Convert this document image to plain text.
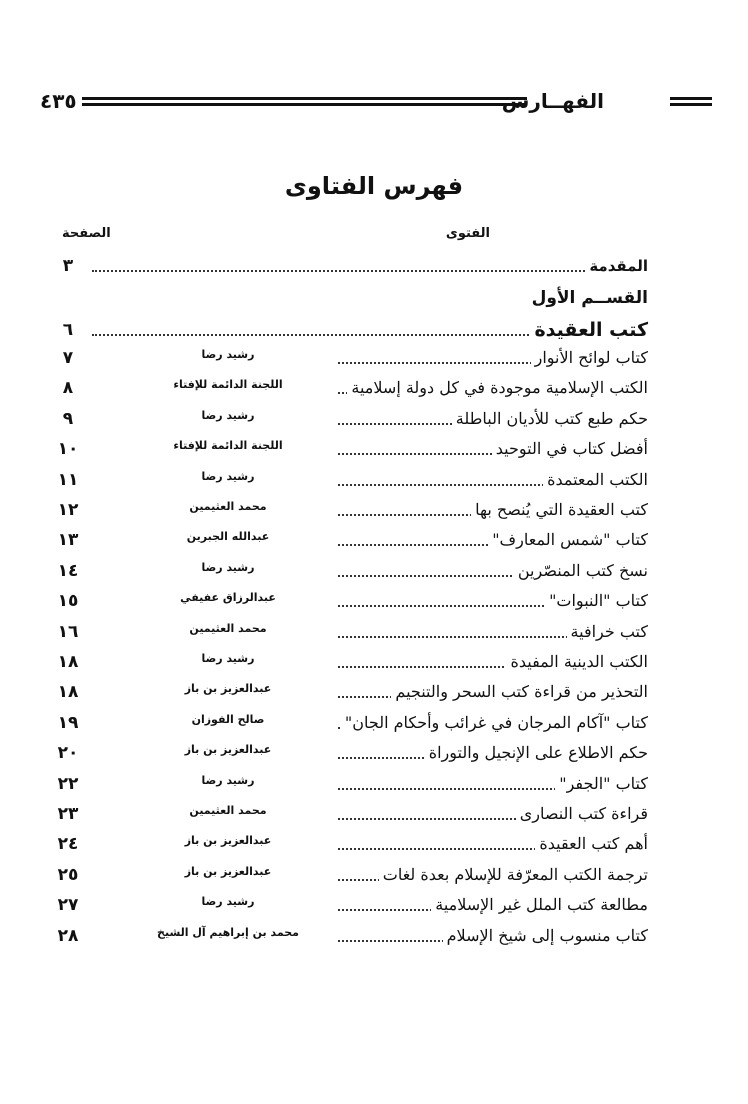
الفهــارس
٤٣٥
فهرس الفتاوى
الفتوى
الصفحة
المقدمة
٣
القســم الأول
كتب العقيدة
٦
كتاب لوائح الأنوار
رشيد رضا
٧
الكتب الإسلامية موجودة في كل دولة إسلامية
اللجنة الدائمة للإفتاء
٨
حكم طبع كتب للأديان الباطلة
رشيد رضا
٩
أفضل كتاب في التوحيد
اللجنة الدائمة للإفتاء
١٠
الكتب المعتمدة
رشيد رضا
١١
كتب العقيدة التي يُنصح بها
محمد العثيمين
١٢
كتاب "شمس المعارف"
عبدالله الجبرين
١٣
نسخ كتب المنصّرين
رشيد رضا
١٤
كتاب "النبوات"
عبدالرزاق عفيفي
١٥
كتب خرافية
محمد العثيمين
١٦
الكتب الدينية المفيدة
رشيد رضا
١٨
التحذير من قراءة كتب السحر والتنجيم
عبدالعزيز بن باز
١٨
كتاب "آكام المرجان في غرائب وأحكام الجان"
صالح الفوزان
١٩
حكم الاطلاع على الإنجيل والتوراة
عبدالعزيز بن باز
٢٠
كتاب "الجفر"
رشيد رضا
٢٢
قراءة كتب النصارى
محمد العثيمين
٢٣
أهم كتب العقيدة
عبدالعزيز بن باز
٢٤
ترجمة الكتب المعرّفة للإسلام بعدة لغات
عبدالعزيز بن باز
٢٥
مطالعة كتب الملل غير الإسلامية
رشيد رضا
٢٧
كتاب منسوب إلى شيخ الإسلام
محمد بن إبراهيم آل الشيخ
٢٨
